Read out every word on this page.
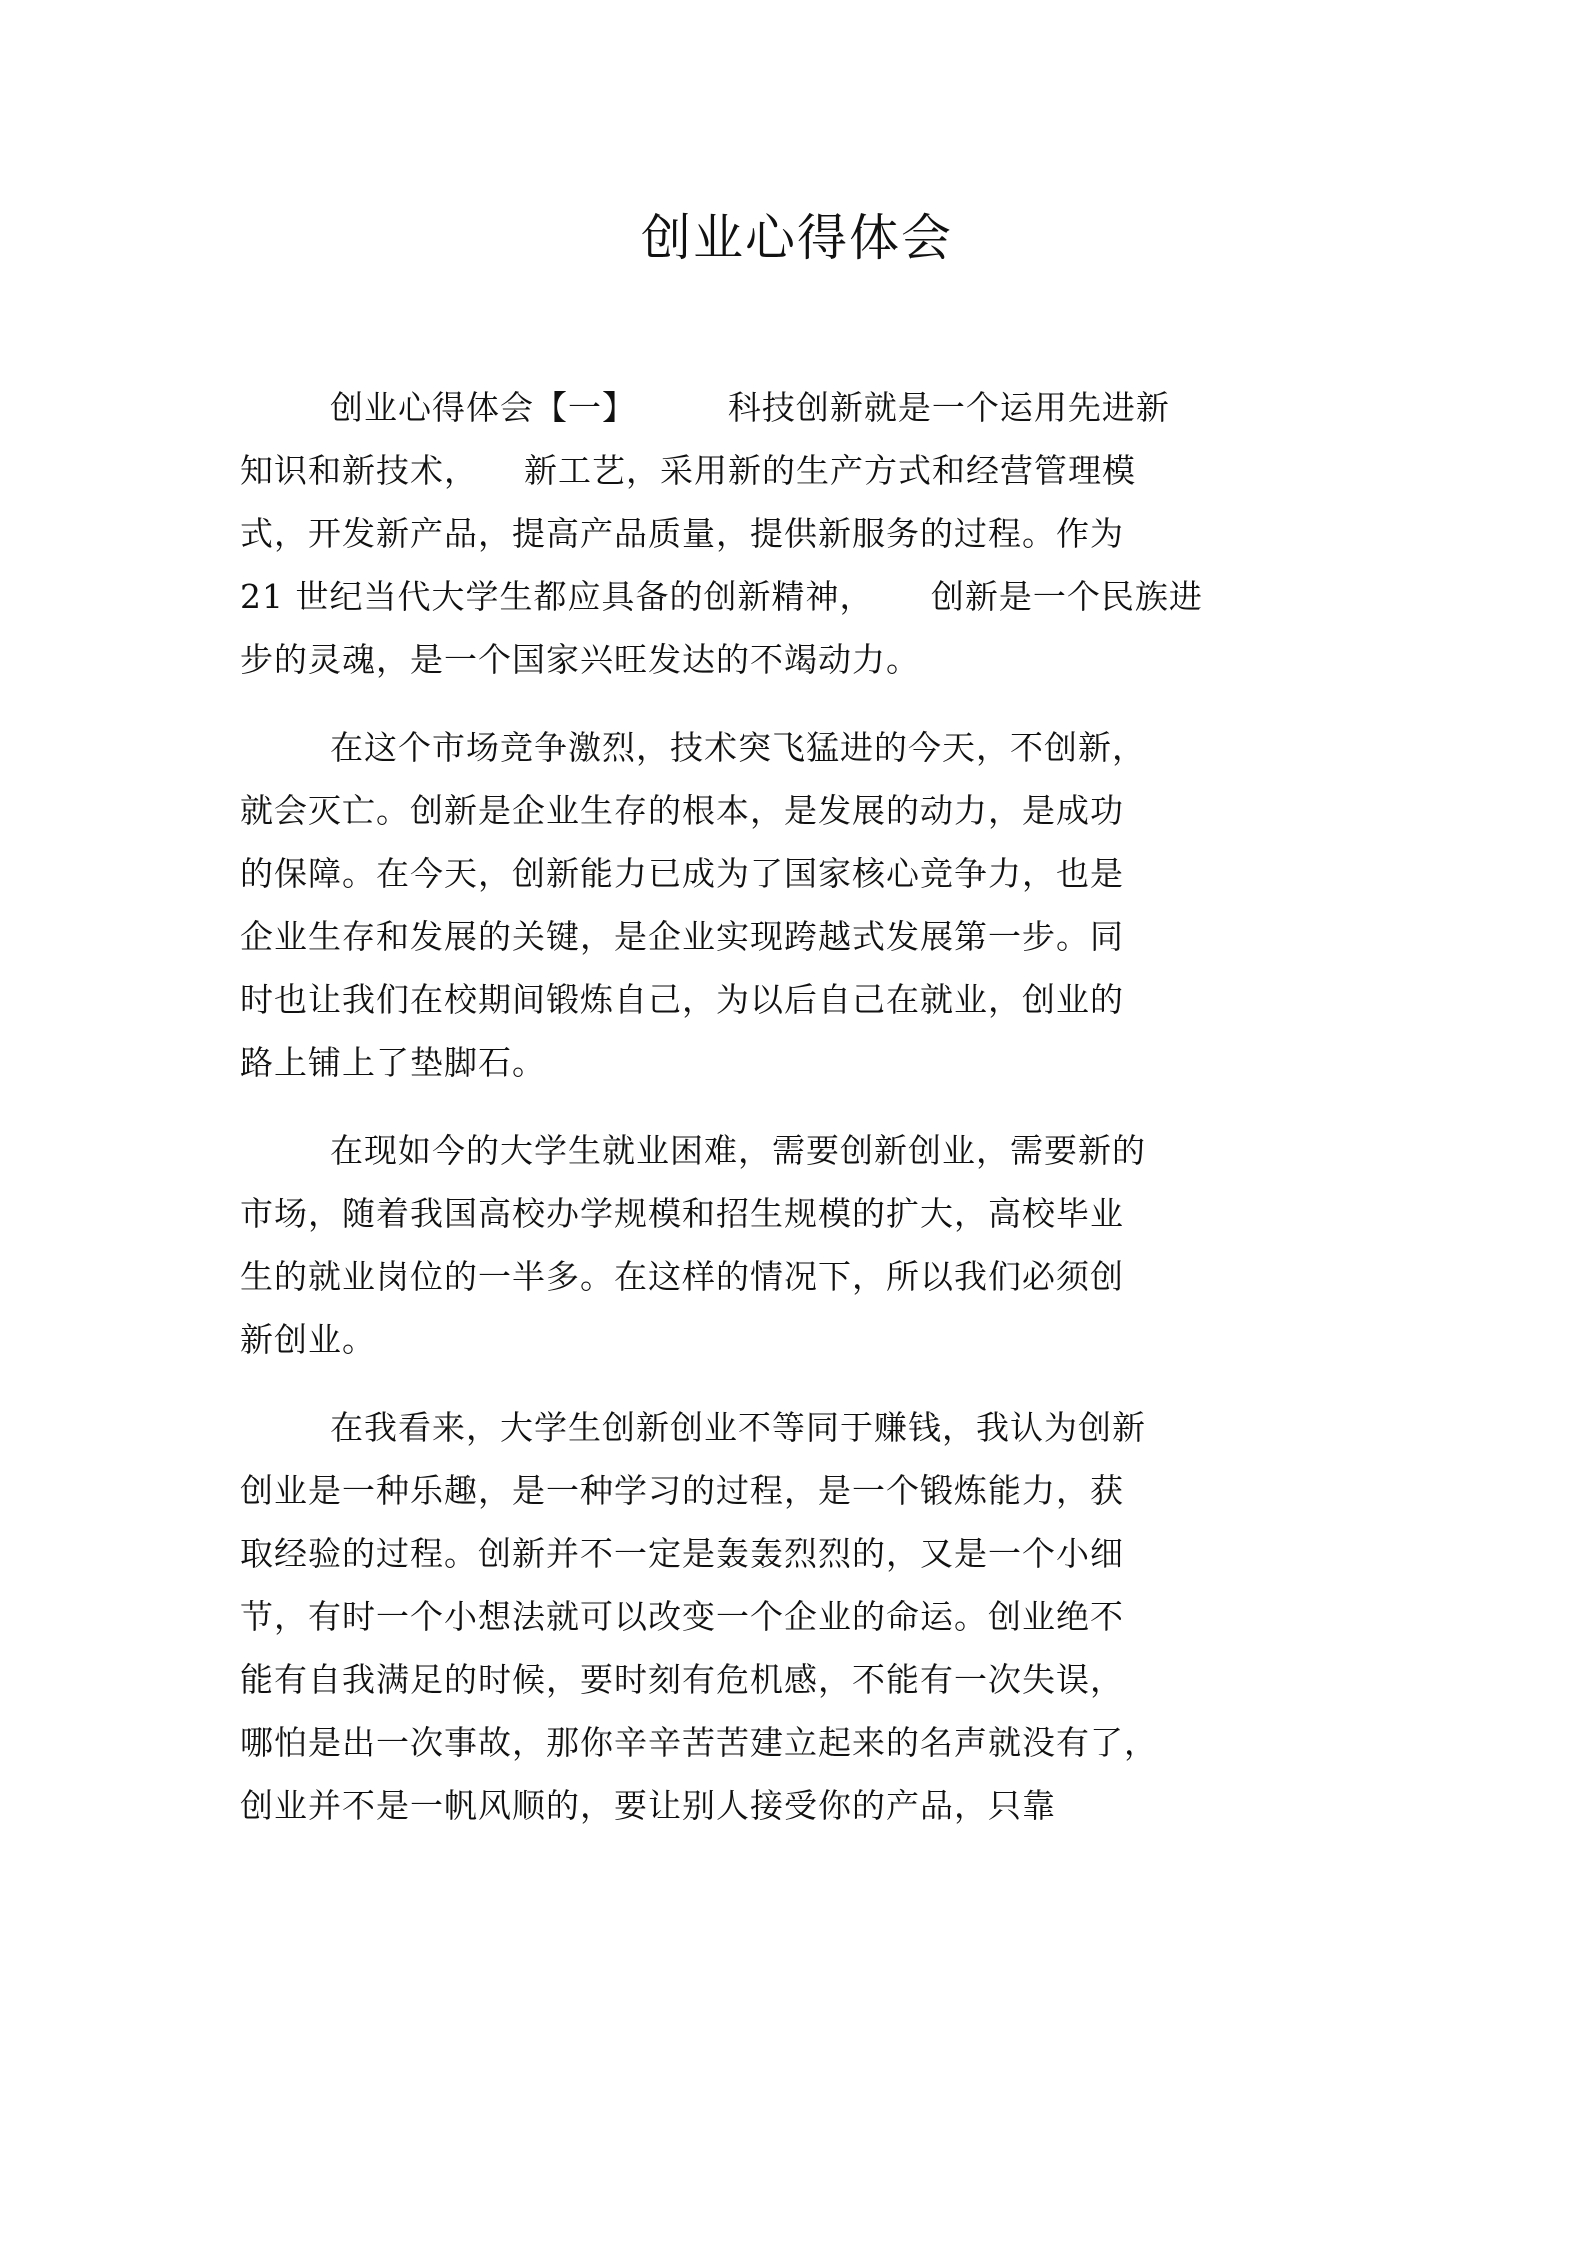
创业心得体会
创业心得体会【一】        科技创新就是一个运用先进新
知识和新技术，    新工艺，采用新的生产方式和经营管理模
式，开发新产品，提高产品质量，提供新服务的过程。作为
21 世纪当代大学生都应具备的创新精神，     创新是一个民族进
步的灵魂，是一个国家兴旺发达的不竭动力。
在这个市场竞争激烈，技术突飞猛进的今天，不创新，
就会灭亡。创新是企业生存的根本，是发展的动力，是成功
的保障。在今天，创新能力已成为了国家核心竞争力，也是
企业生存和发展的关键，是企业实现跨越式发展第一步。同
时也让我们在校期间锻炼自己，为以后自己在就业，创业的
路上铺上了垫脚石。
在现如今的大学生就业困难，需要创新创业，需要新的
市场，随着我国高校办学规模和招生规模的扩大，高校毕业
生的就业岗位的一半多。在这样的情况下，所以我们必须创
新创业。
在我看来，大学生创新创业不等同于赚钱，我认为创新
创业是一种乐趣，是一种学习的过程，是一个锻炼能力，获
取经验的过程。创新并不一定是轰轰烈烈的，又是一个小细
节，有时一个小想法就可以改变一个企业的命运。创业绝不
能有自我满足的时候，要时刻有危机感，不能有一次失误，
哪怕是出一次事故，那你辛辛苦苦建立起来的名声就没有了，
创业并不是一帆风顺的，要让别人接受你的产品，只靠
